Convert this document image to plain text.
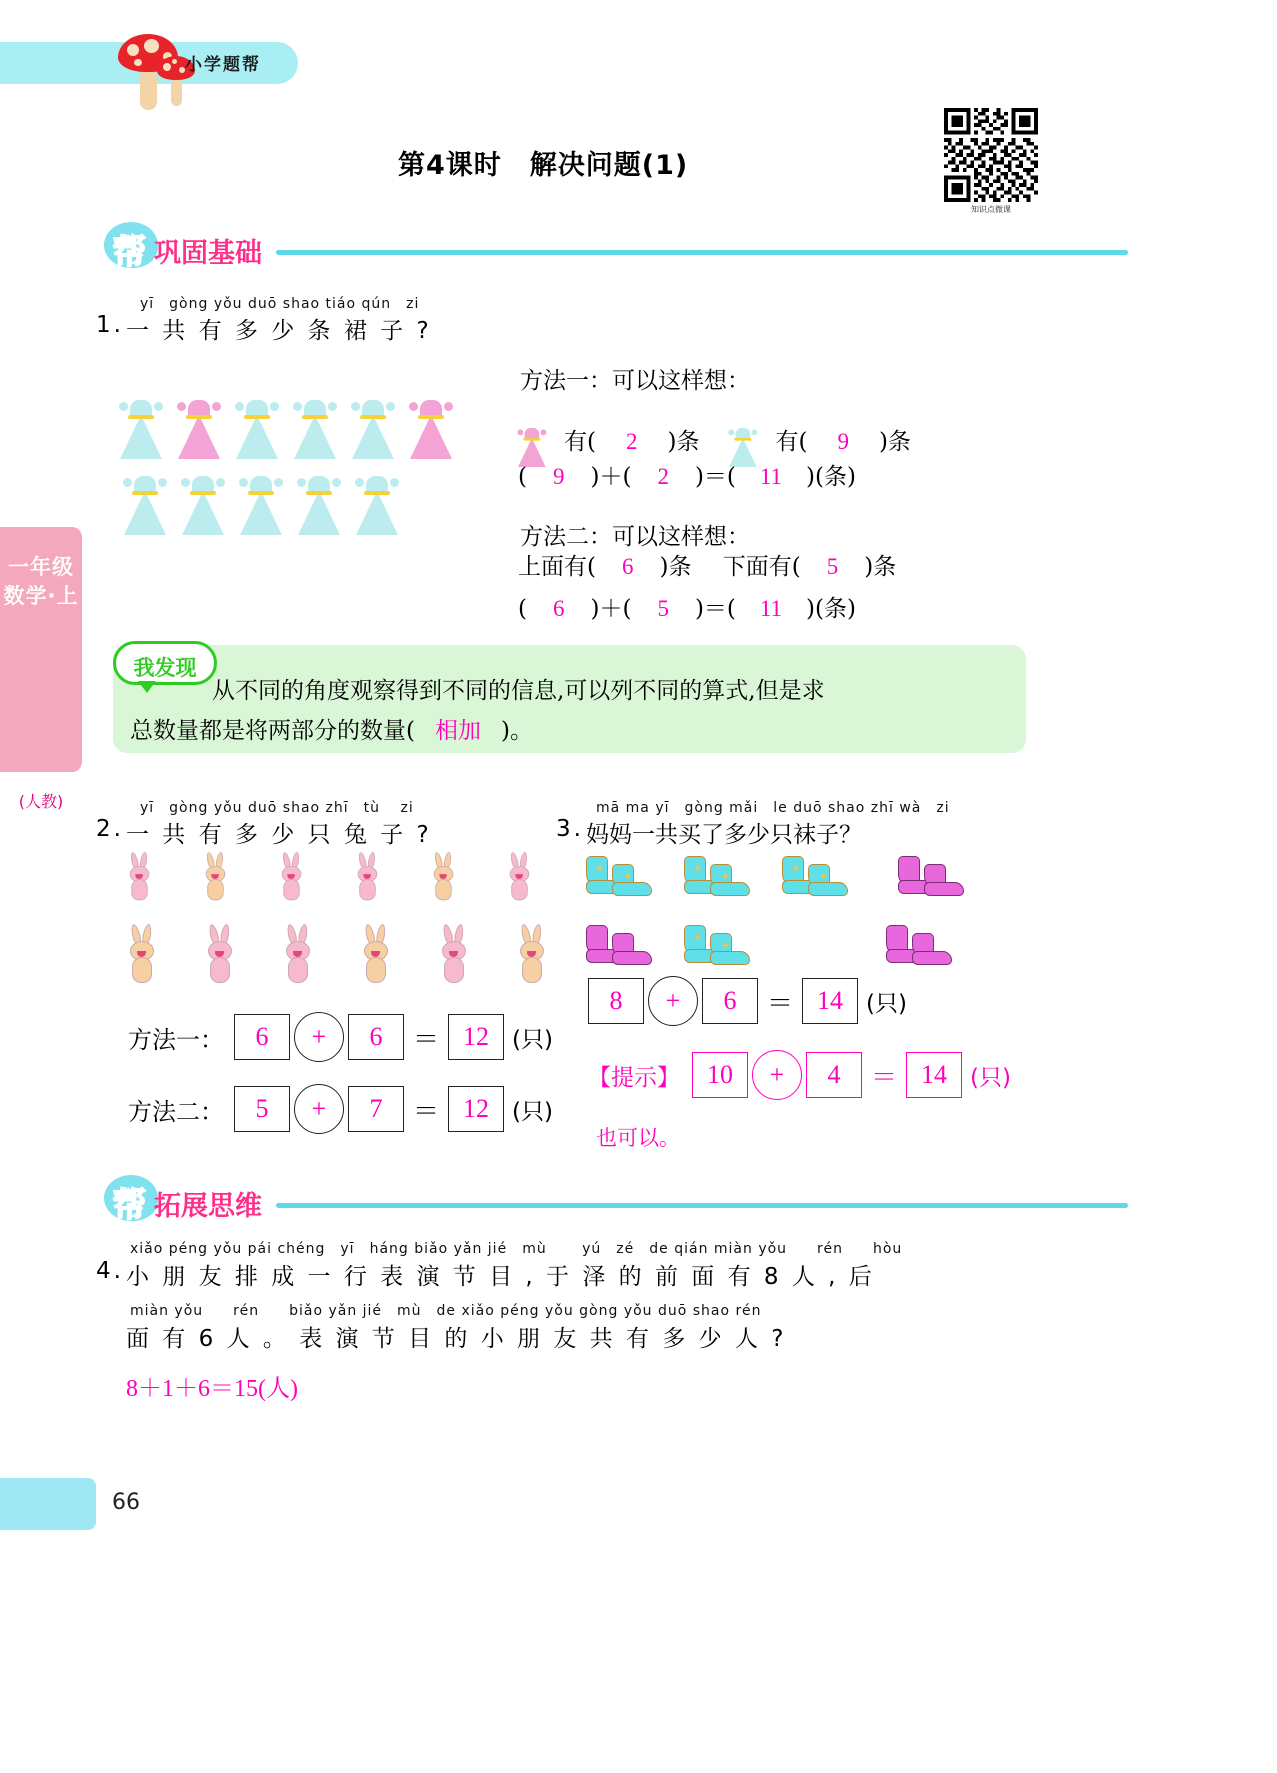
小学题帮
知识点微课
第4课时　解决问题(1)
一年级数学·上
(人教)
66
帮 巩固基础
yī　gòng yǒu duō shao tiáo qún　zi
1. 一 共 有 多 少 条 裙 子 ?

方法一：可以这样想：
有( 2 )条	有( 9 )条
( 9 )＋( 2 )＝( 11 )(条)
方法二：可以这样想：
上面有( 6 )条 下面有( 5 )条
( 6 )＋( 5 )＝( 11 )(条)
我发现
从不同的角度观察得到不同的信息,可以列不同的算式,但是求
总数量都是将两部分的数量( 相加 )。
yī　gòng yǒu duō shao zhī　tù　 zi
2. 一 共 有 多 少 只 兔 子 ?

方法一： 6 + 6 ＝ 12 (只)
方法二： 5 + 7 ＝ 12 (只)
mā ma yī　gòng mǎi　le duō shao zhī wà　zi
3. 妈妈一共买了多少只袜子？
✦
✦

✦
✦

✦
✦

✦
✦

8 + 6 ＝ 14 (只)
【提示】 10 + 4 ＝ 14 (只)
也可以。
帮 拓展思维
xiǎo péng yǒu pái chéng　yī　háng biǎo yǎn jié　mù　　 yú　zé　de qián miàn yǒu　　rén　　hòu
4. 小 朋 友 排 成 一 行 表 演 节 目 , 于 泽 的 前 面 有 8 人 , 后
miàn yǒu　　rén　　biǎo yǎn jié　mù　de xiǎo péng yǒu gòng yǒu duō shao rén
面 有 6 人 。 表 演 节 目 的 小 朋 友 共 有 多 少 人 ?
8＋1＋6＝15(人)
